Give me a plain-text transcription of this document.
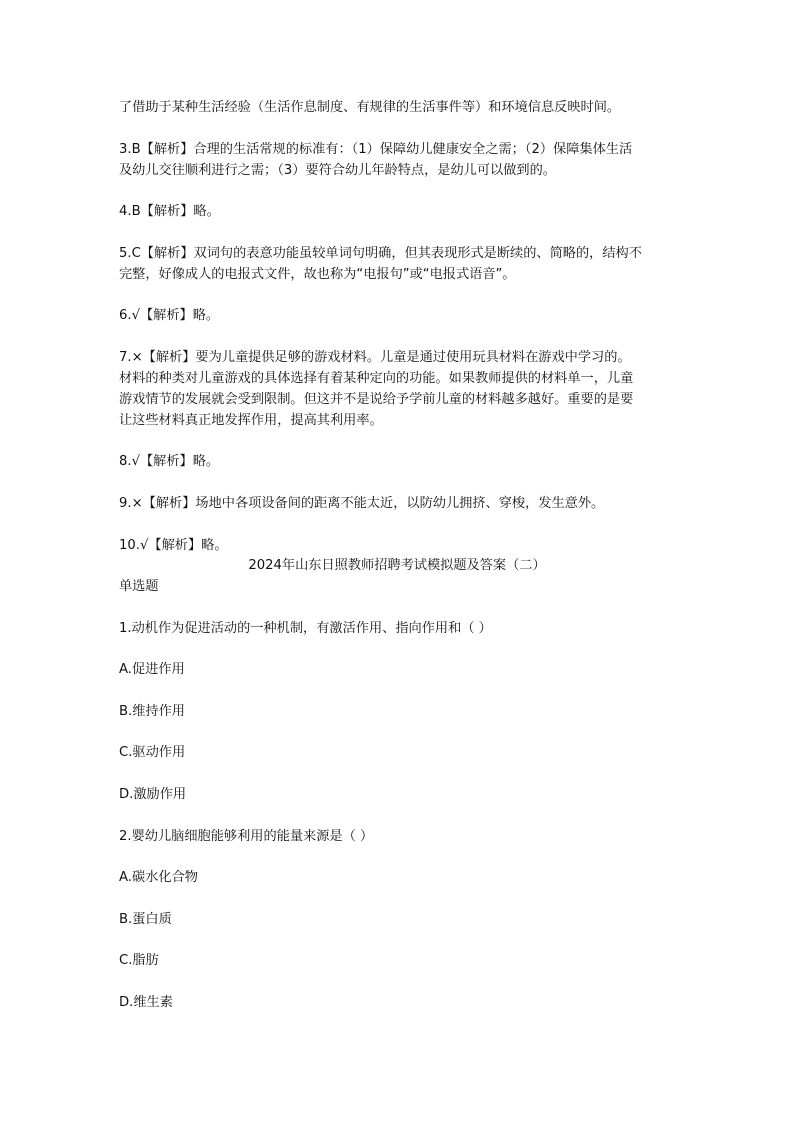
了借助于某种生活经验（生活作息制度、有规律的生活事件等）和环境信息反映时间。

3.B【解析】合理的生活常规的标准有：（1）保障幼儿健康安全之需；（2）保障集体生活
及幼儿交往顺利进行之需；（3）要符合幼儿年龄特点，是幼儿可以做到的。

4.B【解析】略。

5.C【解析】双词句的表意功能虽较单词句明确，但其表现形式是断续的、简略的，结构不
完整，好像成人的电报式文件，故也称为“电报句”或“电报式语音”。

6.√【解析】略。

7.×【解析】要为儿童提供足够的游戏材料。儿童是通过使用玩具材料在游戏中学习的。
材料的种类对儿童游戏的具体选择有着某种定向的功能。如果教师提供的材料单一，儿童
游戏情节的发展就会受到限制。但这并不是说给予学前儿童的材料越多越好。重要的是要
让这些材料真正地发挥作用，提高其利用率。

8.√【解析】略。

9.×【解析】场地中各项设备间的距离不能太近，以防幼儿拥挤、穿梭，发生意外。

10.√【解析】略。

2024年山东日照教师招聘考试模拟题及答案（二）

单选题

1.动机作为促进活动的一种机制，有激活作用、指向作用和（ ）

A.促进作用

B.维持作用

C.驱动作用

D.激励作用

2.婴幼儿脑细胞能够利用的能量来源是（ ）

A.碳水化合物

B.蛋白质

C.脂肪

D.维生素
